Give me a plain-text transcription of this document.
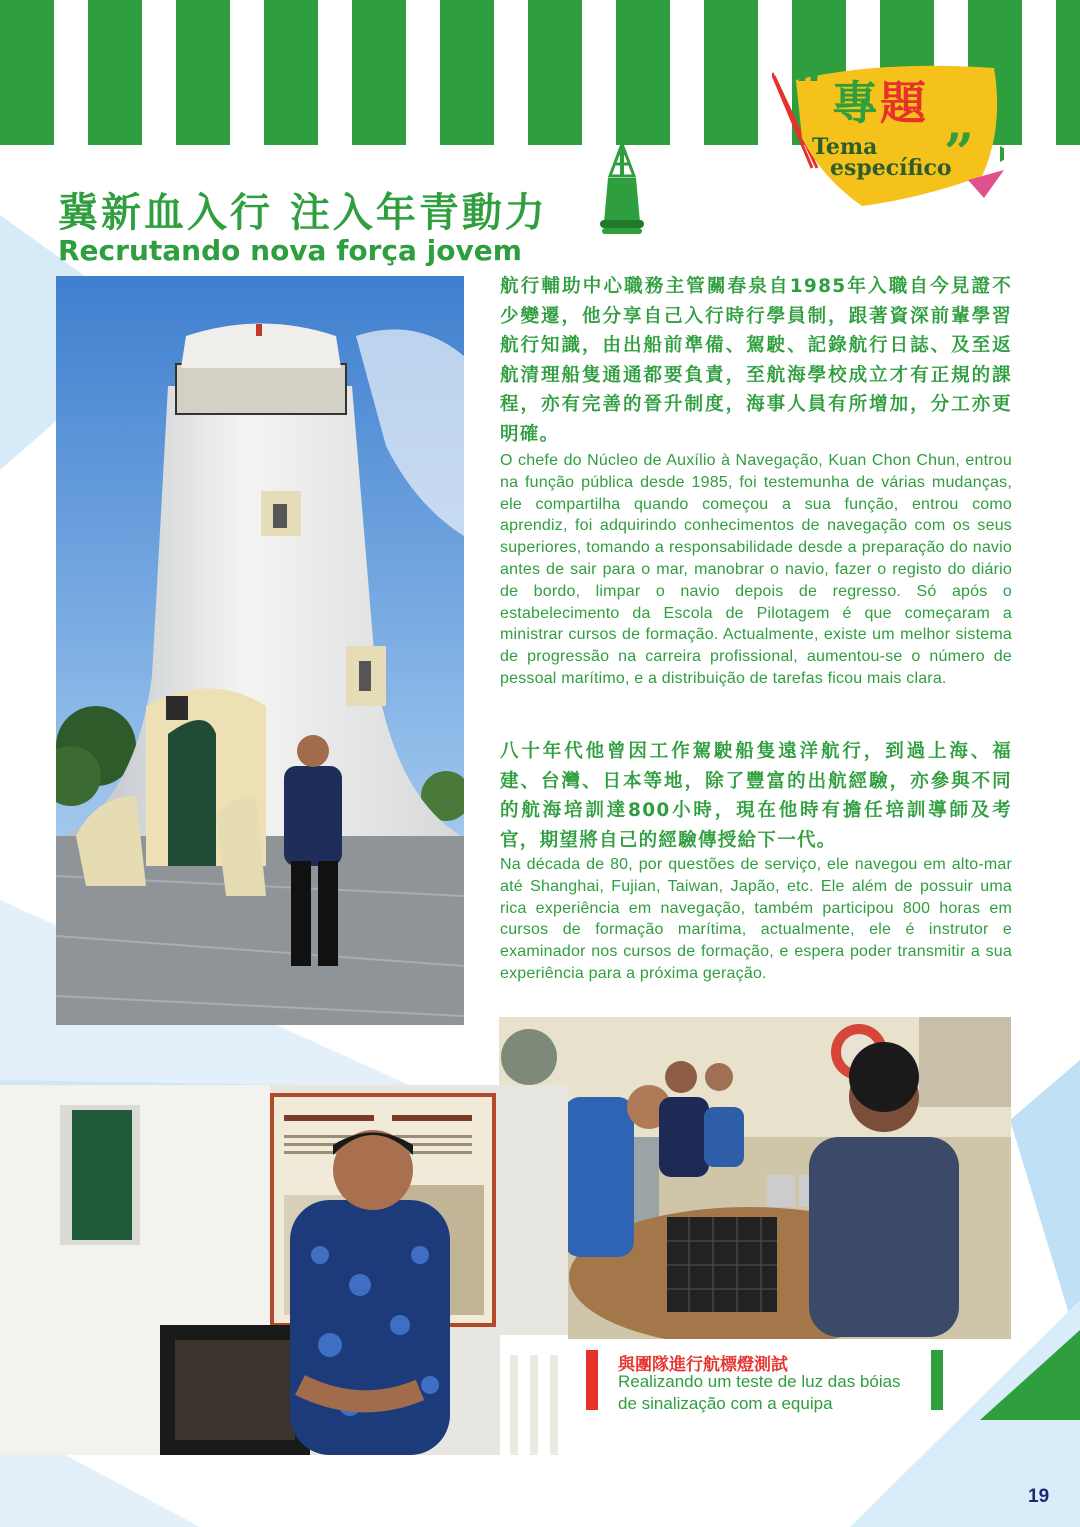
“ 專題
Tema
específico
”
冀新血入行 注入年青動力
Recrutando nova força jovem
航行輔助中心職務主管關春泉自1985年入職自今見證不少變遷，他分享自己入行時行學員制，跟著資深前輩學習航行知識，由出船前準備、駕駛、記錄航行日誌、及至返航清理船隻通通都要負責，至航海學校成立才有正規的課程，亦有完善的晉升制度，海事人員有所增加，分工亦更明確。
O chefe do Núcleo de Auxílio à Navegação, Kuan Chon Chun, entrou na função pública desde 1985, foi testemunha de várias mudanças, ele compartilha quando começou a sua função, entrou como aprendiz, foi adquirindo conhecimentos de navegação com os seus superiores, tomando a responsabilidade desde a preparação do navio antes de sair para o mar, manobrar o navio, fazer o registo do diário de bordo, limpar o navio depois de regresso. Só após o estabelecimento da Escola de Pilotagem é que começaram a ministrar cursos de formação. Actualmente, existe um melhor sistema de progressão na carreira profissional, aumentou-se o número de pessoal marítimo, e a distribuição de tarefas ficou mais clara.
八十年代他曾因工作駕駛船隻遠洋航行，到過上海、福建、台灣、日本等地，除了豐富的出航經驗，亦參與不同的航海培訓達800小時，現在他時有擔任培訓導師及考官，期望將自己的經驗傳授給下一代。
Na década de 80, por questões de serviço, ele navegou em alto-mar até Shanghai, Fujian, Taiwan, Japão, etc. Ele além de possuir uma rica experiência em navegação, também participou 800 horas em cursos de formação marítima, actualmente, ele é instrutor e examinador nos cursos de formação, e espera poder transmitir a sua experiência para a próxima geração.
與團隊進行航標燈測試
Realizando um teste de luz das bóias
de sinalização com a equipa
19
